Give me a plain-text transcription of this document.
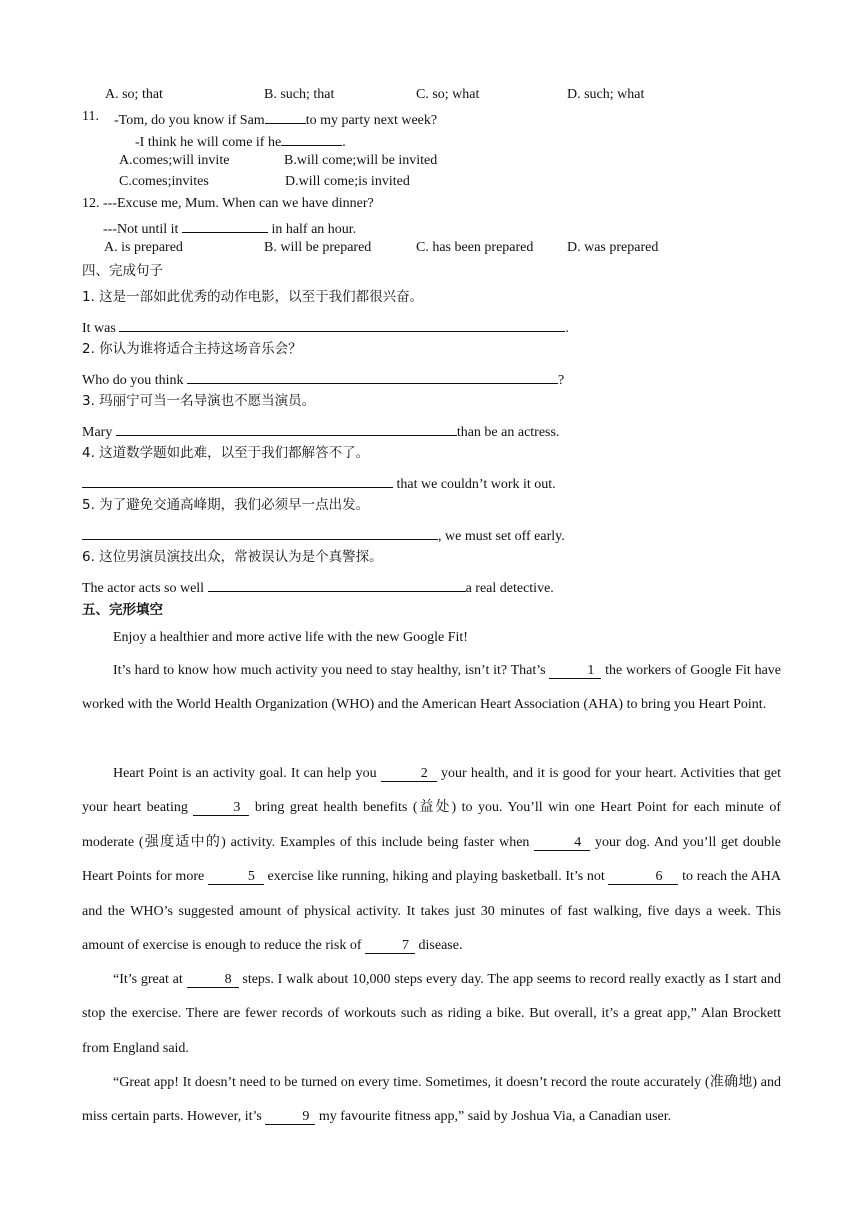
A. so; that	B. such; that	C. so; what	D. such; what
11. -Tom, do you know if Sam	to my party next week?
-I think he will come if he	.
A.comes;will invite	B.will come;will be invited
C.comes;invites	D.will come;is invited
12. ---Excuse me, Mum. When can we have dinner?
---Not until it	in half an hour.
A. is prepared	B. will be prepared	C. has been prepared D. was prepared
四、完成句子
1. 这是一部如此优秀的动作电影，以至于我们都很兴奋。
It was	.
2. 你认为谁将适合主持这场音乐会？
Who do you think	?
3. 玛丽宁可当一名导演也不愿当演员。
Mary	than be an actress.
4. 这道数学题如此难，以至于我们都解答不了。
that we couldn’t work it out.
5. 为了避免交通高峰期，我们必须早一点出发。
, we must set off early.
6. 这位男演员演技出众，常被误认为是个真警探。
The actor acts so well	a real detective.
五、完形填空
Enjoy a healthier and more active life with the new Google Fit!
It’s hard to know how much activity you need to stay healthy, isn’t it? That’s	1 the workers of Google Fit have worked with the World Health Organization (WHO) and the American Heart Association (AHA) to bring you Heart Point.
Heart Point is an activity goal. It can help you	2 your health, and it is good for your heart. Activities that get your heart beating	3 bring great health benefits (益处) to you. You’ll win one Heart Point for each minute of moderate (强度适中的) activity. Examples of this include being faster when	4 your dog. And you’ll get double Heart Points for more	5 exercise like running, hiking and playing basketball. It’s not	6 to reach the AHA and the WHO’s suggested amount of physical activity. It takes just 30 minutes of fast walking, five days a week. This amount of exercise is enough to reduce the risk of	7 disease.
“It’s great at	8 steps. I walk about 10,000 steps every day. The app seems to record really exactly as I start and stop the exercise. There are fewer records of workouts such as riding a bike. But overall, it’s a great app,” Alan Brockett from England said.
“Great app! It doesn’t need to be turned on every time. Sometimes, it doesn’t record the route accurately (准确地) and miss certain parts. However, it’s	9 my favourite fitness app,” said by Joshua Via, a Canadian user.
